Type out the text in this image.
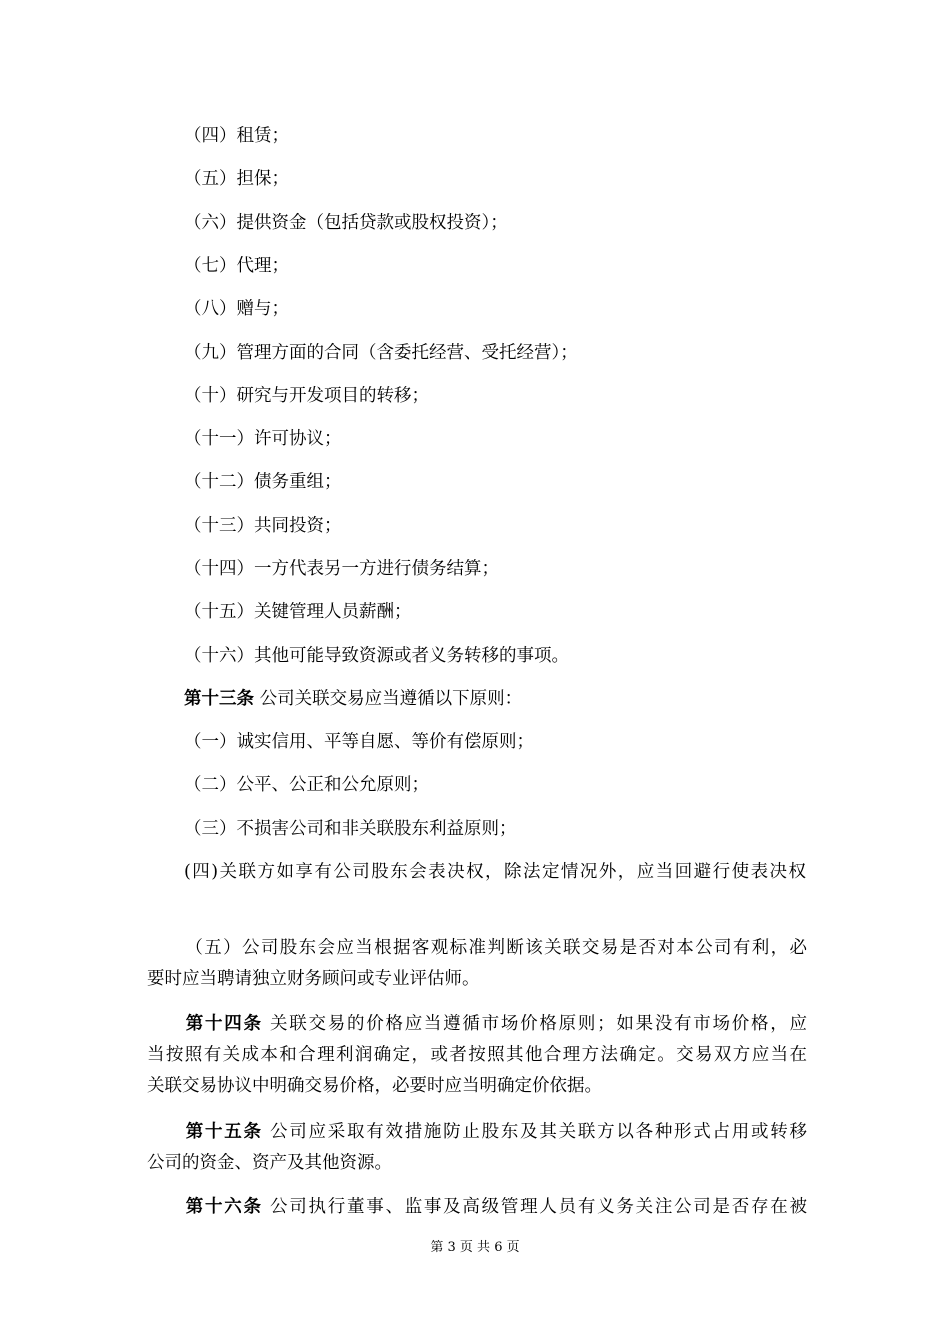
（四）租赁；
（五）担保；
（六）提供资金（包括贷款或股权投资）；
（七）代理；
（八）赠与；
（九）管理方面的合同（含委托经营、受托经营）；
（十）研究与开发项目的转移；
（十一）许可协议；
（十二）债务重组；
（十三）共同投资；
（十四）一方代表另一方进行债务结算；
（十五）关键管理人员薪酬；
（十六）其他可能导致资源或者义务转移的事项。
第十三条 公司关联交易应当遵循以下原则：
（一）诚实信用、平等自愿、等价有偿原则；
（二）公平、公正和公允原则；
（三）不损害公司和非关联股东利益原则；
(四)关联方如享有公司股东会表决权，除法定情况外，应当回避行使表决权
（五）公司股东会应当根据客观标准判断该关联交易是否对本公司有利，必
要时应当聘请独立财务顾问或专业评估师。
第十四条 关联交易的价格应当遵循市场价格原则；如果没有市场价格，应
当按照有关成本和合理利润确定，或者按照其他合理方法确定。交易双方应当在
关联交易协议中明确交易价格，必要时应当明确定价依据。
第十五条 公司应采取有效措施防止股东及其关联方以各种形式占用或转移
公司的资金、资产及其他资源。
第十六条 公司执行董事、监事及高级管理人员有义务关注公司是否存在被
第 3 页 共 6 页
